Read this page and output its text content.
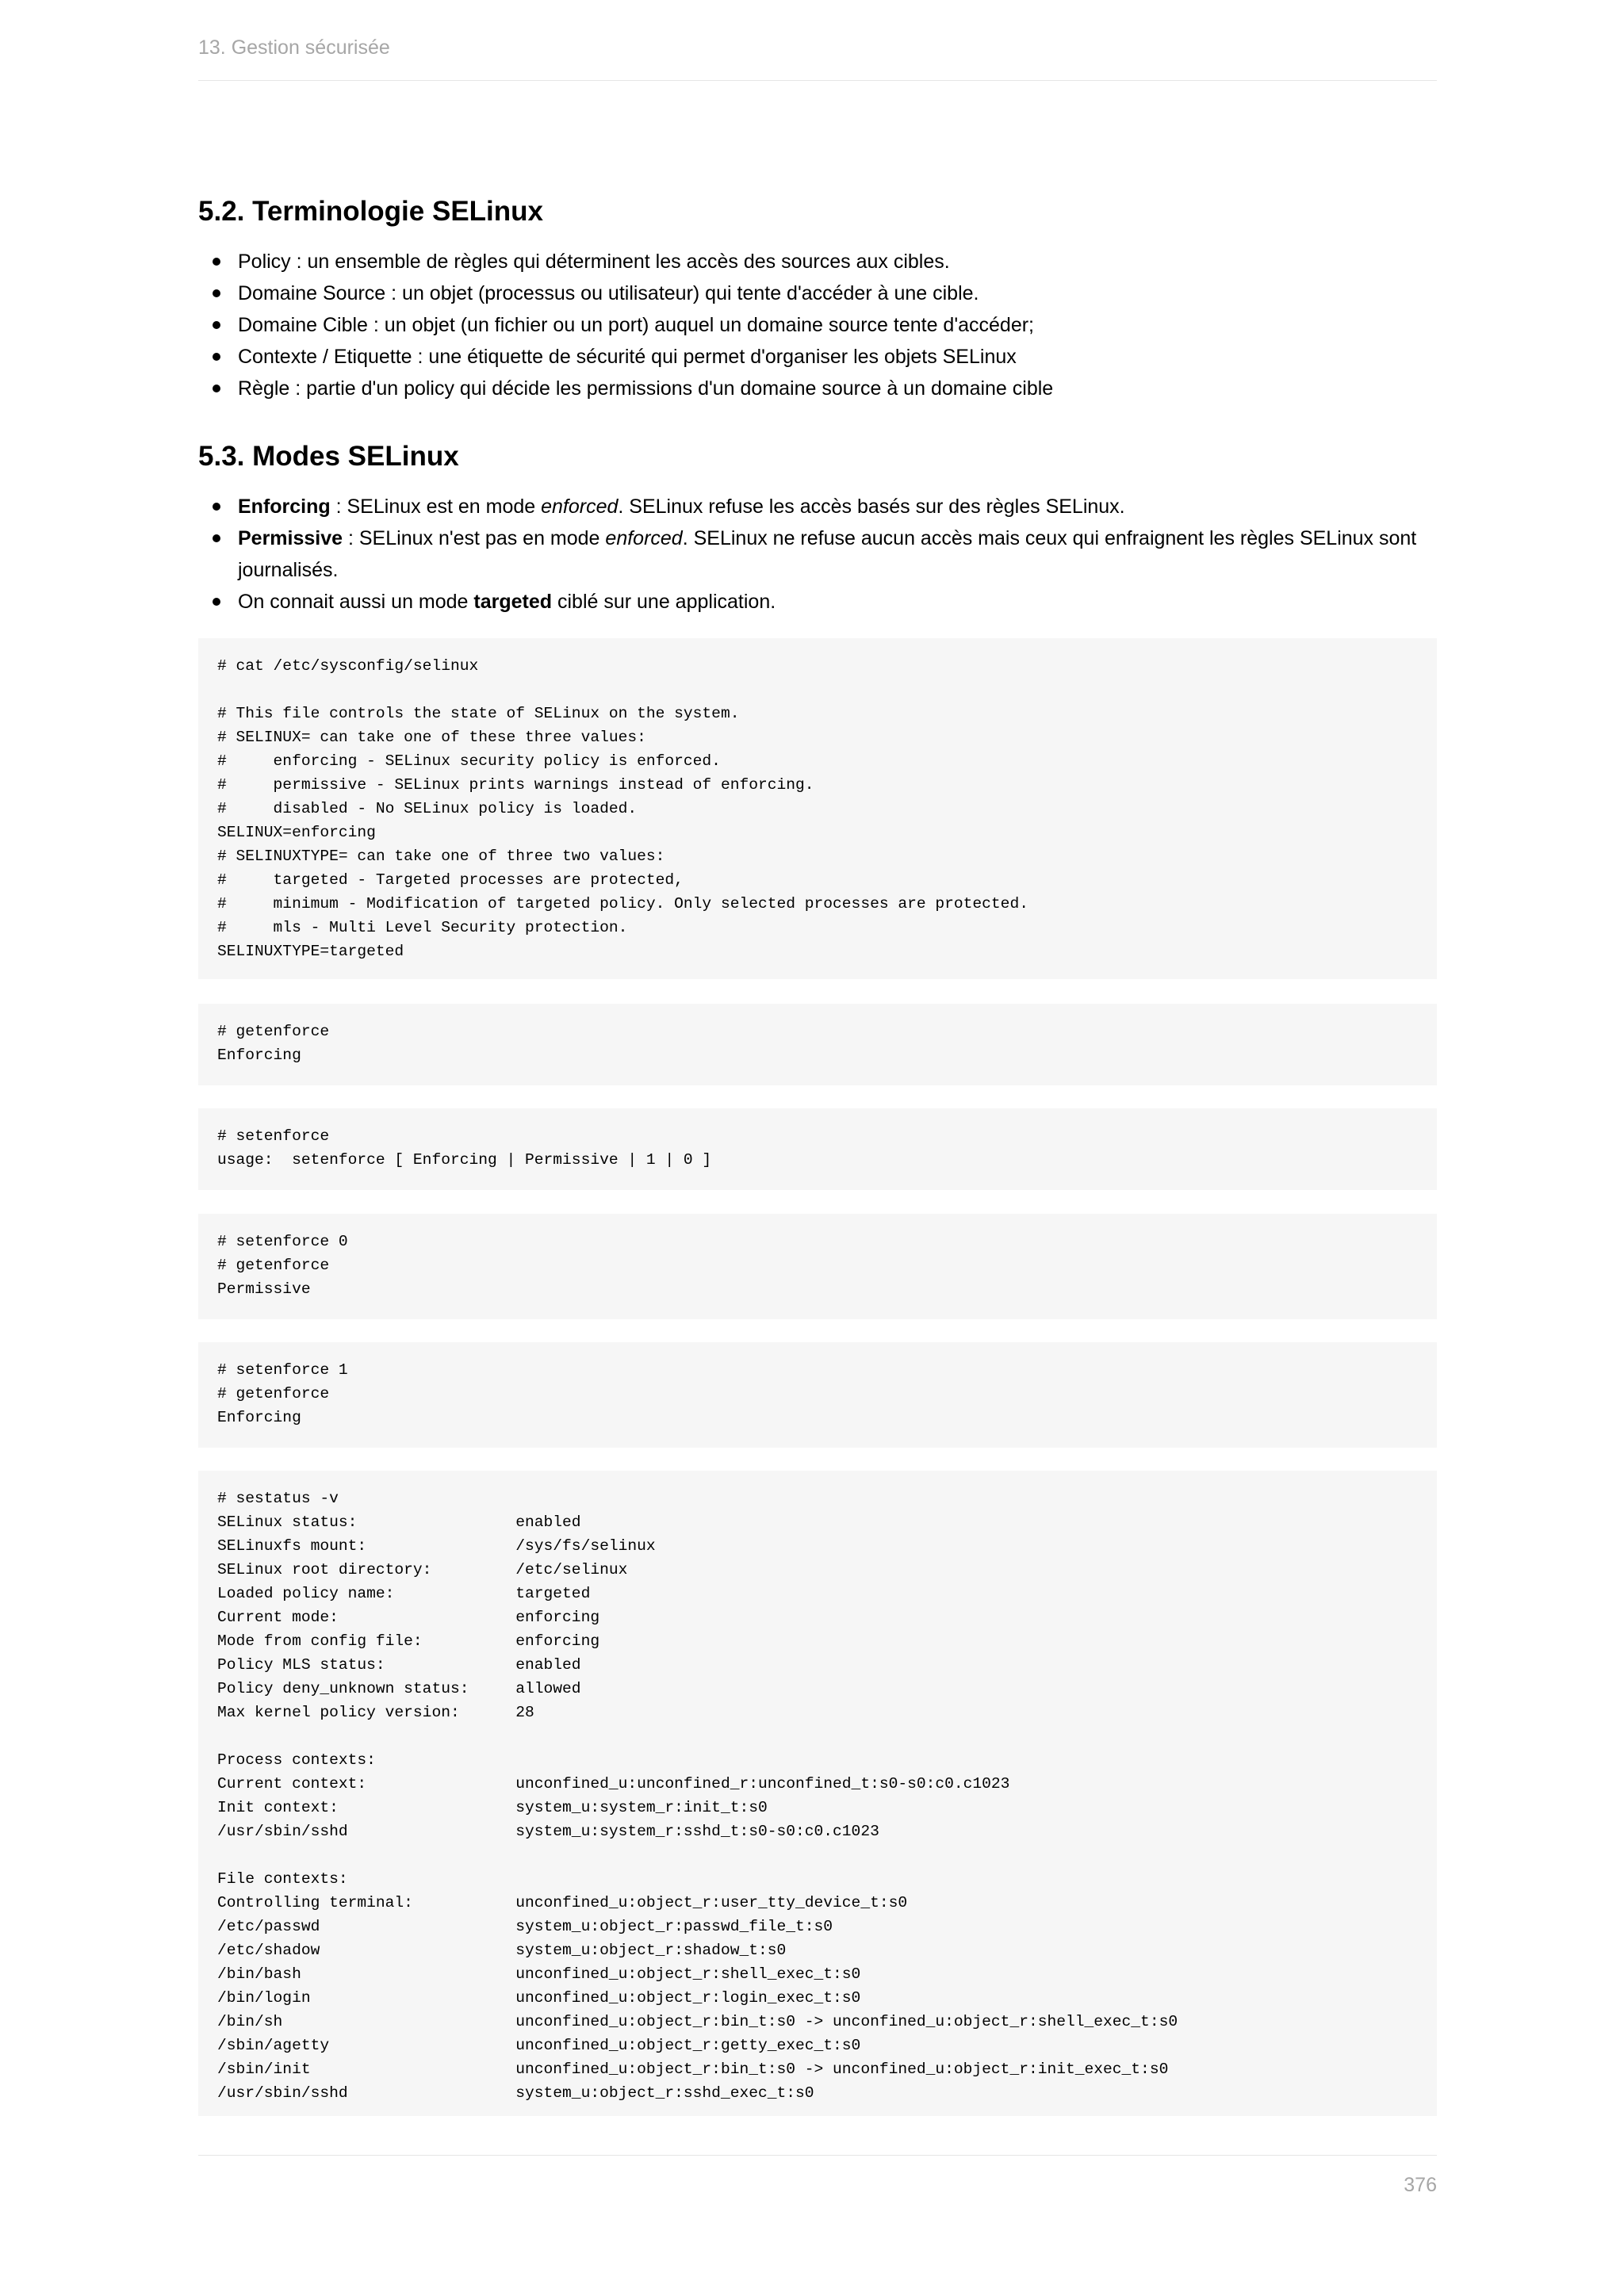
13. Gestion sécurisée
5.2. Terminologie SELinux
Policy : un ensemble de règles qui déterminent les accès des sources aux cibles.
Domaine Source : un objet (processus ou utilisateur) qui tente d'accéder à une cible.
Domaine Cible : un objet (un fichier ou un port) auquel un domaine source tente d'accéder;
Contexte / Etiquette : une étiquette de sécurité qui permet d'organiser les objets SELinux
Règle : partie d'un policy qui décide les permissions d'un domaine source à un domaine cible
5.3. Modes SELinux
Enforcing : SELinux est en mode enforced. SELinux refuse les accès basés sur des règles SELinux.
Permissive : SELinux n'est pas en mode enforced. SELinux ne refuse aucun accès mais ceux qui enfraignent les règles SELinux sont
journalisés.
On connait aussi un mode targeted ciblé sur une application.
# cat /etc/sysconfig/selinux

# This file controls the state of SELinux on the system.
# SELINUX= can take one of these three values:
#     enforcing - SELinux security policy is enforced.
#     permissive - SELinux prints warnings instead of enforcing.
#     disabled - No SELinux policy is loaded.
SELINUX=enforcing
# SELINUXTYPE= can take one of three two values:
#     targeted - Targeted processes are protected,
#     minimum - Modification of targeted policy. Only selected processes are protected.
#     mls - Multi Level Security protection.
SELINUXTYPE=targeted
# getenforce
Enforcing
# setenforce
usage:  setenforce [ Enforcing | Permissive | 1 | 0 ]
# setenforce 0
# getenforce
Permissive
# setenforce 1
# getenforce
Enforcing
# sestatus -v
SELinux status:                 enabled
SELinuxfs mount:                /sys/fs/selinux
SELinux root directory:         /etc/selinux
Loaded policy name:             targeted
Current mode:                   enforcing
Mode from config file:          enforcing
Policy MLS status:              enabled
Policy deny_unknown status:     allowed
Max kernel policy version:      28

Process contexts:
Current context:                unconfined_u:unconfined_r:unconfined_t:s0-s0:c0.c1023
Init context:                   system_u:system_r:init_t:s0
/usr/sbin/sshd                  system_u:system_r:sshd_t:s0-s0:c0.c1023

File contexts:
Controlling terminal:           unconfined_u:object_r:user_tty_device_t:s0
/etc/passwd                     system_u:object_r:passwd_file_t:s0
/etc/shadow                     system_u:object_r:shadow_t:s0
/bin/bash                       unconfined_u:object_r:shell_exec_t:s0
/bin/login                      unconfined_u:object_r:login_exec_t:s0
/bin/sh                         unconfined_u:object_r:bin_t:s0 -> unconfined_u:object_r:shell_exec_t:s0
/sbin/agetty                    unconfined_u:object_r:getty_exec_t:s0
/sbin/init                      unconfined_u:object_r:bin_t:s0 -> unconfined_u:object_r:init_exec_t:s0
/usr/sbin/sshd                  system_u:object_r:sshd_exec_t:s0
376
